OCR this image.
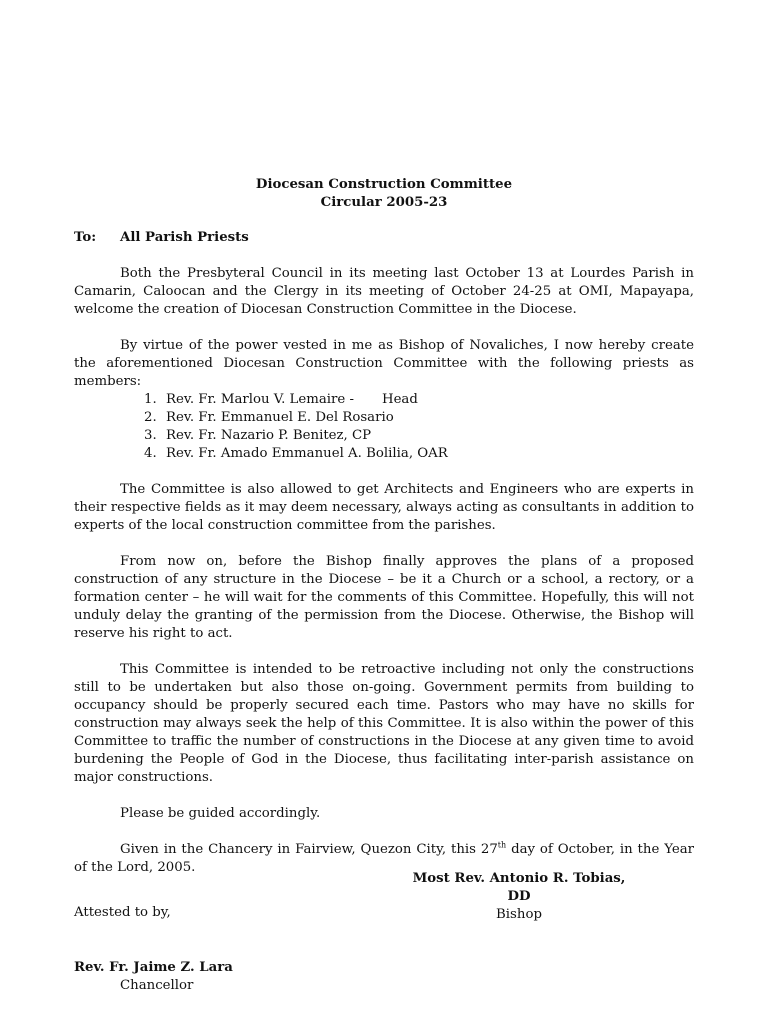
Diocesan Construction Committee
Circular 2005-23
To: All Parish Priests

Both the Presbyteral Council in its meeting last October 13 at Lourdes Parish in Camarin, Caloocan and the Clergy in its meeting of October 24-25 at OMI, Mapayapa, welcome the creation of Diocesan Construction Committee in the Diocese.

By virtue of the power vested in me as Bishop of Novaliches, I now hereby create the aforementioned Diocesan Construction Committee with the following priests as members:

1. Rev. Fr. Marlou V. Lemaire - Head
2. Rev. Fr. Emmanuel E. Del Rosario
3. Rev. Fr. Nazario P. Benitez, CP
4. Rev. Fr. Amado Emmanuel A. Bolilia, OAR

The Committee is also allowed to get Architects and Engineers who are experts in their respective fields as it may deem necessary, always acting as consultants in addition to experts of the local construction committee from the parishes.

From now on, before the Bishop finally approves the plans of a proposed construction of any structure in the Diocese – be it a Church or a school, a rectory, or a formation center – he will wait for the comments of this Committee. Hopefully, this will not unduly delay the granting of the permission from the Diocese. Otherwise, the Bishop will reserve his right to act.

This Committee is intended to be retroactive including not only the constructions still to be undertaken but also those on-going. Government permits from building to occupancy should be properly secured each time. Pastors who may have no skills for construction may always seek the help of this Committee. It is also within the power of this Committee to traffic the number of constructions in the Diocese at any given time to avoid burdening the People of God in the Diocese, thus facilitating inter-parish assistance on major constructions.

Please be guided accordingly.

Given in the Chancery in Fairview, Quezon City, this 27th day of October, in the Year of the Lord, 2005.

Most Rev. Antonio R. Tobias, DD
Bishop
Attested to by,
Rev. Fr. Jaime Z. Lara
Chancellor
